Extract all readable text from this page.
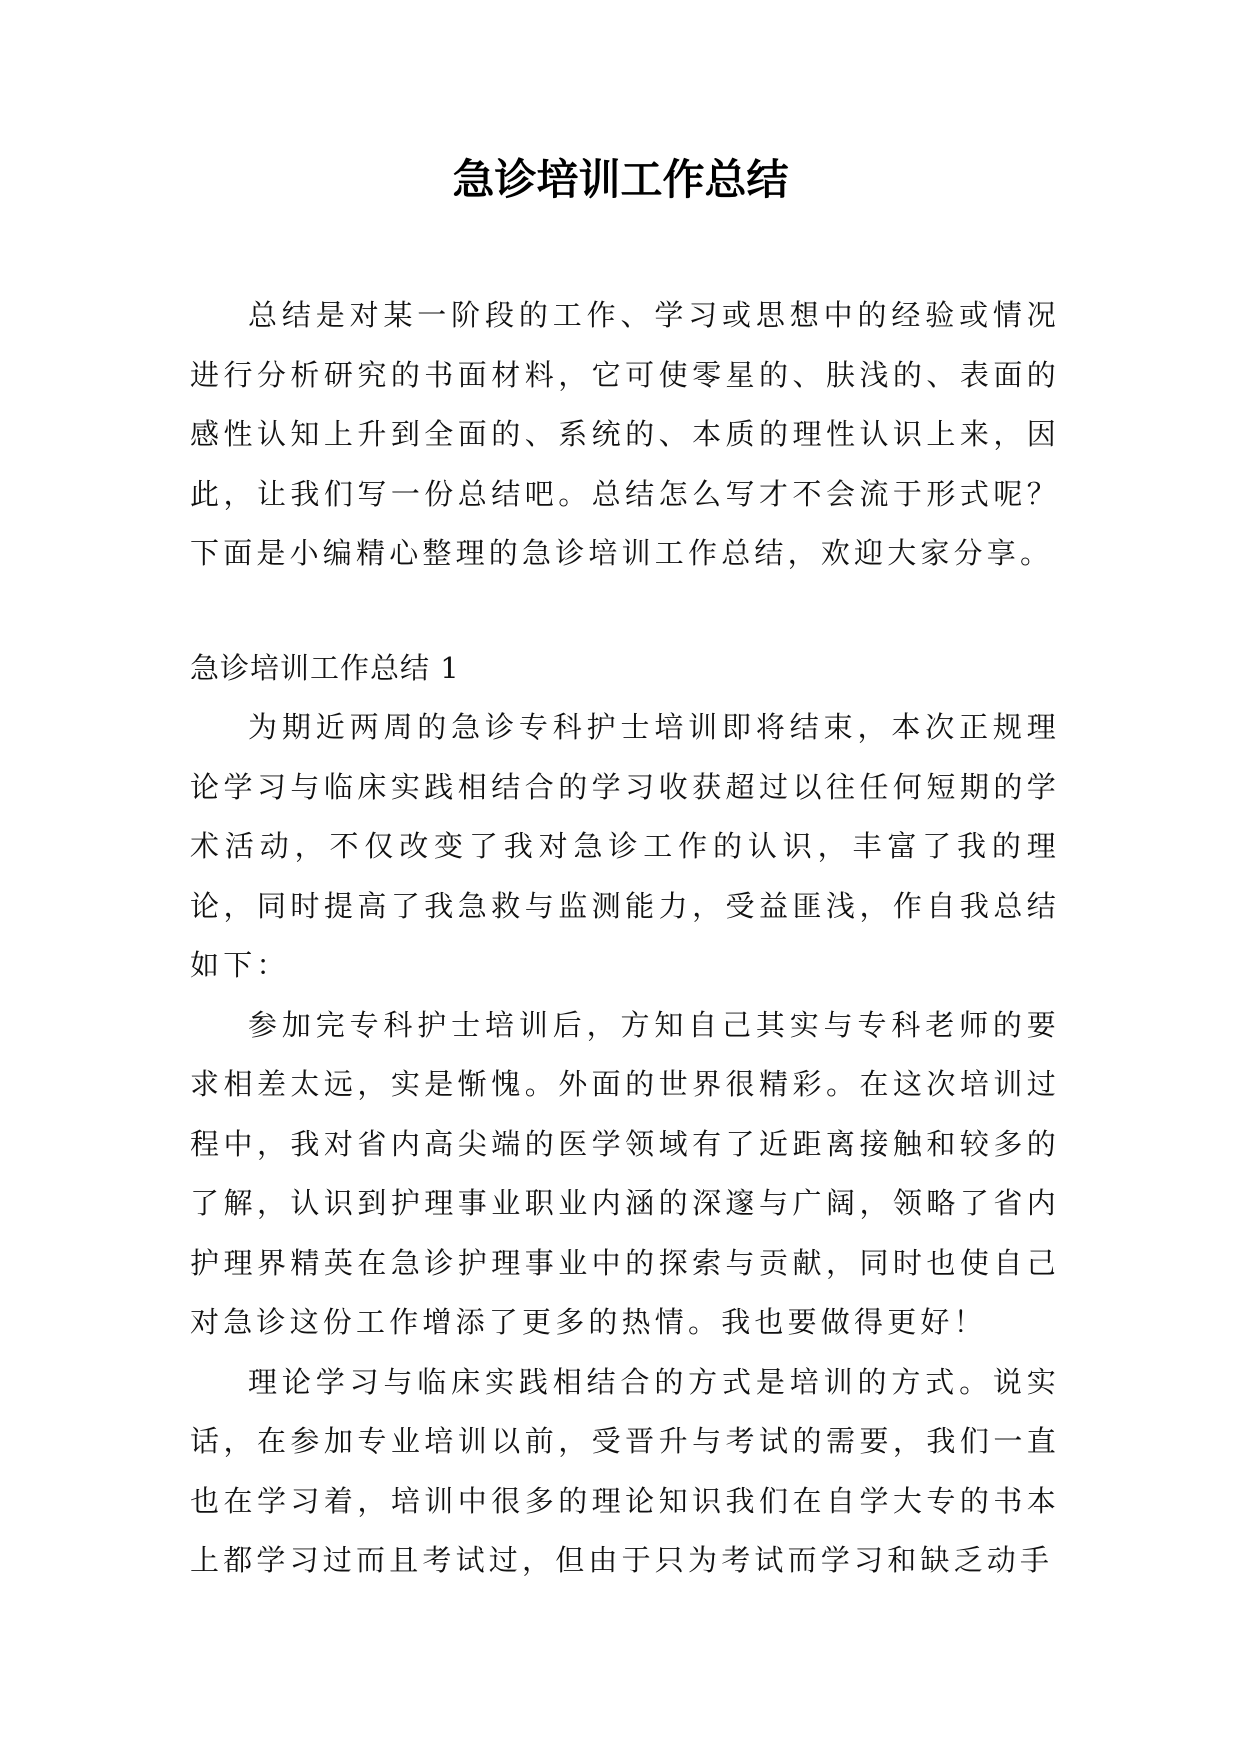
急诊培训工作总结

总结是对某一阶段的工作、学习或思想中的经验或情况进行分析研究的书面材料，它可使零星的、肤浅的、表面的感性认知上升到全面的、系统的、本质的理性认识上来，因此，让我们写一份总结吧。总结怎么写才不会流于形式呢？下面是小编精心整理的急诊培训工作总结，欢迎大家分享。

急诊培训工作总结 1

为期近两周的急诊专科护士培训即将结束，本次正规理论学习与临床实践相结合的学习收获超过以往任何短期的学术活动，不仅改变了我对急诊工作的认识，丰富了我的理论，同时提高了我急救与监测能力，受益匪浅，作自我总结如下：

参加完专科护士培训后，方知自己其实与专科老师的要求相差太远，实是惭愧。外面的世界很精彩。在这次培训过程中，我对省内高尖端的医学领域有了近距离接触和较多的了解，认识到护理事业职业内涵的深邃与广阔，领略了省内护理界精英在急诊护理事业中的探索与贡献，同时也使自己对急诊这份工作增添了更多的热情。我也要做得更好！

理论学习与临床实践相结合的方式是培训的方式。说实话，在参加专业培训以前，受晋升与考试的需要，我们一直也在学习着，培训中很多的理论知识我们在自学大专的书本上都学习过而且考试过，但由于只为考试而学习和缺乏动手
